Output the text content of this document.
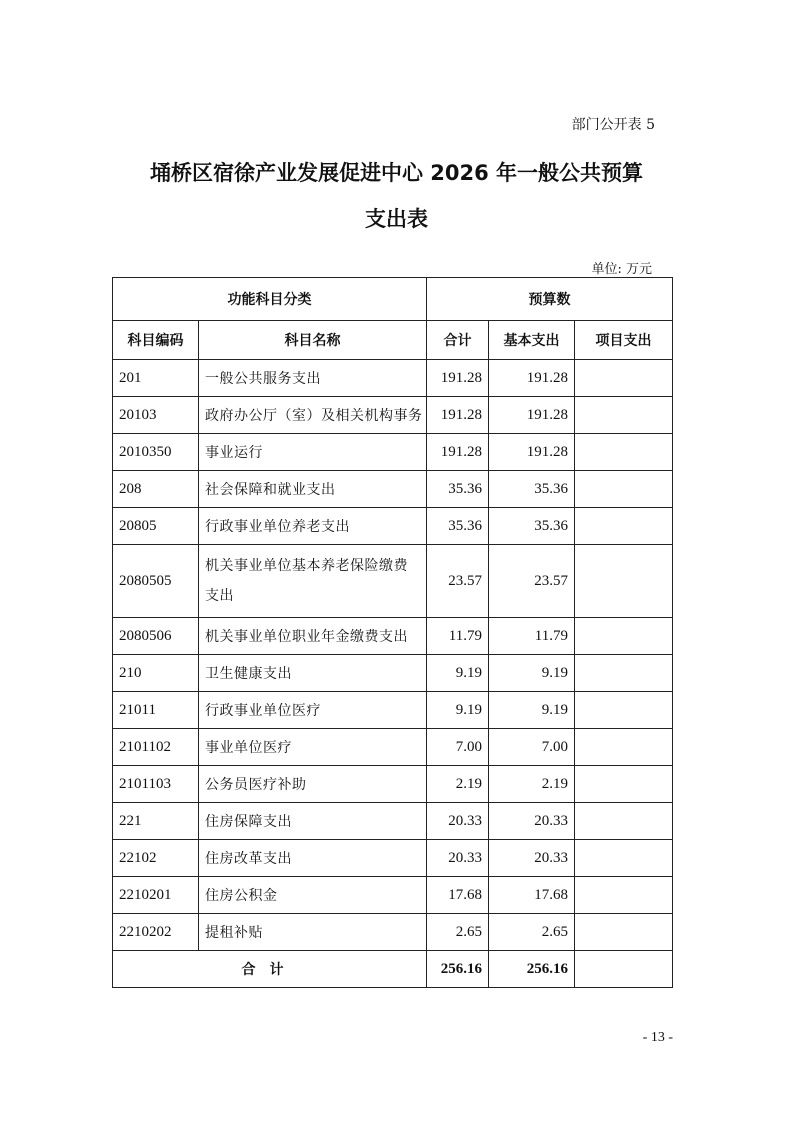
部门公开表 5
埇桥区宿徐产业发展促进中心 2026 年一般公共预算
支出表
单位: 万元
功能科目分类		预算数		
科目编码	科目名称	合计	基本支出	项目支出
201	一般公共服务支出	191.28	191.28	
20103	政府办公厅（室）及相关机构事务	191.28	191.28	
2010350	事业运行	191.28	191.28	
208	社会保障和就业支出	35.36	35.36	
20805	行政事业单位养老支出	35.36	35.36	
2080505	机关事业单位基本养老保险缴费支出	23.57	23.57	
2080506	机关事业单位职业年金缴费支出	11.79	11.79	
210	卫生健康支出	9.19	9.19	
21011	行政事业单位医疗	9.19	9.19	
2101102	事业单位医疗	7.00	7.00	
2101103	公务员医疗补助	2.19	2.19	
221	住房保障支出	20.33	20.33	
22102	住房改革支出	20.33	20.33	
2210201	住房公积金	17.68	17.68	
2210202	提租补贴	2.65	2.65	
合计		256.16	256.16	
- 13 -
